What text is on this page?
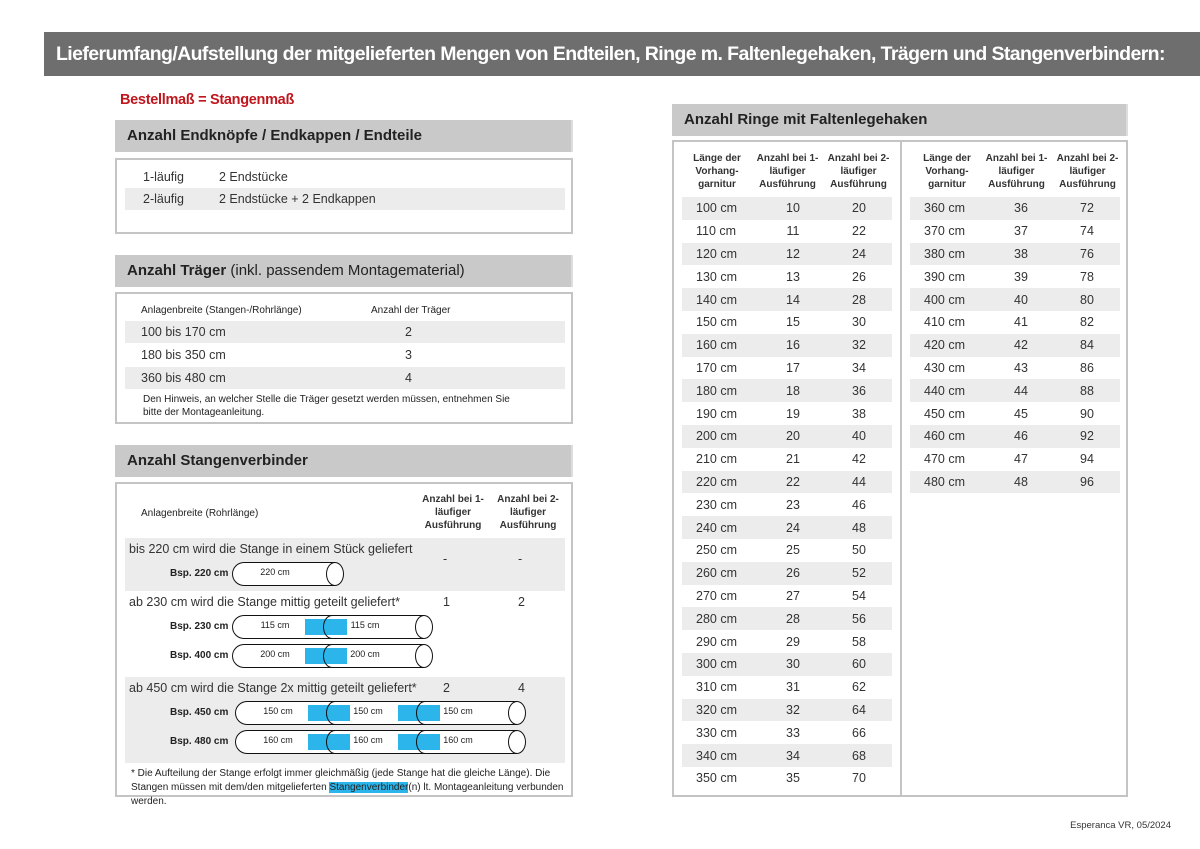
Lieferumfang/Aufstellung der mitgelieferten Mengen von Endteilen, Ringe m. Faltenlegehaken, Trägern und Stangenverbindern:
Bestellmaß = Stangenmaß
Anzahl Endknöpfe / Endkappen / Endteile
1-läufig	2 Endstücke
2-läufig	2 Endstücke + 2 Endkappen
Anzahl Träger (inkl. passendem Montagematerial)
Anlagenbreite (Stangen-/Rohrlänge)	Anzahl der Träger
100 bis 170 cm	2
180 bis 350 cm	3
360 bis 480 cm	4
Den Hinweis, an welcher Stelle die Träger gesetzt werden müssen, entnehmen Sie bitte der Montageanleitung.
Anzahl Stangenverbinder
Anlagenbreite (Rohrlänge)
Anzahl bei 1-läufiger Ausführung
Anzahl bei 2-läufiger Ausführung
* Die Aufteilung der Stange erfolgt immer gleichmäßig (jede Stange hat die gleiche Länge). Die Stangen müssen mit dem/den mitgelieferten Stangenverbinder(n) lt. Montageanleitung verbunden werden.
bis 220 cm wird die Stange in einem Stück geliefert
-	-
Bsp. 220 cm	220 cm
ab 230 cm wird die Stange mittig geteilt geliefert*	1	2
Bsp. 230 cm	115 cm	115 cm
Bsp. 400 cm	200 cm	200 cm
ab 450 cm wird die Stange 2x mittig geteilt geliefert* 2	4
Bsp. 450 cm	150 cm	150 cm	150 cm
Bsp. 480 cm	160 cm	160 cm	160 cm
Anzahl Ringe mit Faltenlegehaken
Länge der Vorhang-garnitur
Anzahl bei 1-läufiger Ausführung
Anzahl bei 2-läufiger Ausführung
Länge der Vorhang-garnitur
Anzahl bei 1-läufiger Ausführung
Anzahl bei 2-läufiger Ausführung
100 cm	10	20
110 cm	11	22
120 cm	12	24
130 cm	13	26
140 cm	14	28
150 cm	15	30
160 cm	16	32
170 cm	17	34
180 cm	18	36
190 cm	19	38
200 cm	20	40
210 cm	21	42
220 cm	22	44
230 cm	23	46
240 cm	24	48
250 cm	25	50
260 cm	26	52
270 cm	27	54
280 cm	28	56
290 cm	29	58
300 cm	30	60
310 cm	31	62
320 cm	32	64
330 cm	33	66
340 cm	34	68
350 cm	35	70
360 cm	36	72
370 cm	37	74
380 cm	38	76
390 cm	39	78
400 cm	40	80
410 cm	41	82
420 cm	42	84
430 cm	43	86
440 cm	44	88
450 cm	45	90
460 cm	46	92
470 cm	47	94
480 cm	48	96
Esperanca VR, 05/2024
